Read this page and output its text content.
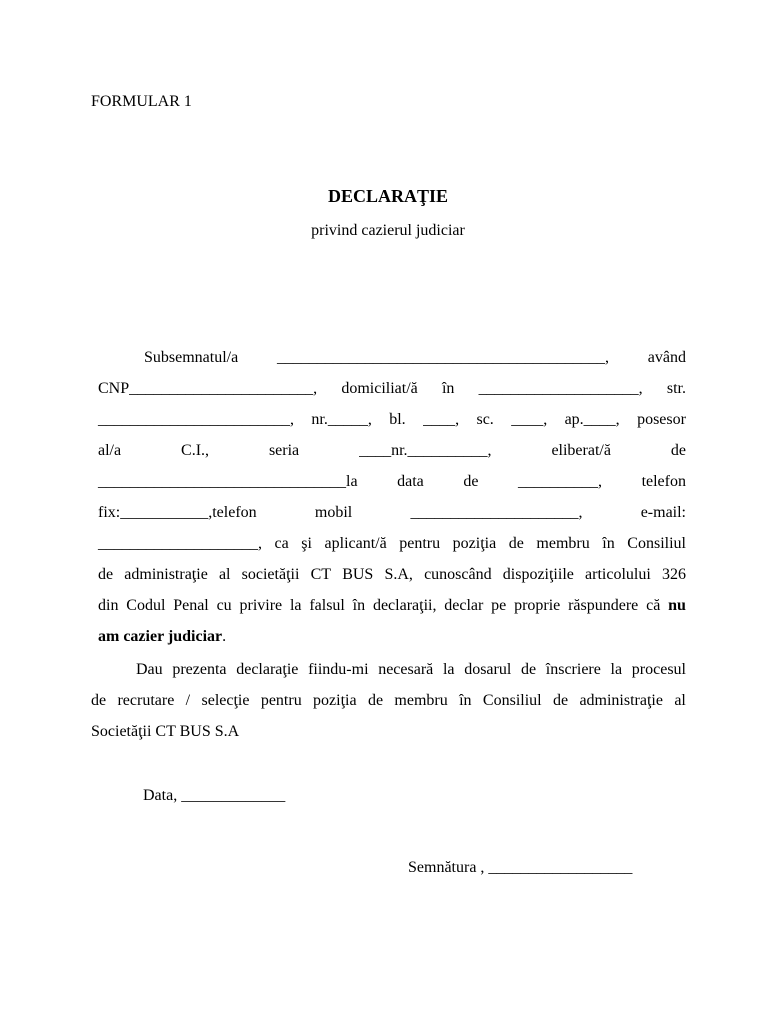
FORMULAR 1
DECLARAŢIE
privind cazierul judiciar
Subsemnatul/a _________________________________________, având
CNP_______________________, domiciliat/ă în ____________________, str.
________________________, nr._____, bl. ____, sc. ____, ap.____, posesor
al/a	C.I.,	seria	____nr.__________,	eliberat/ă	de
_______________________________la data de __________, telefon
fix:___________,telefon	mobil	_____________________,	e-mail:
____________________, ca şi aplicant/ă pentru poziţia de membru în Consiliul
de administraţie al societăţii CT BUS S.A, cunoscând dispoziţiile articolului 326
din Codul Penal cu privire la falsul în declaraţii, declar pe proprie răspundere că nu
am cazier judiciar .
Dau prezenta declaraţie fiindu-mi necesară la dosarul de înscriere la procesul
de recrutare / selecţie pentru poziţia de membru în Consiliul de administraţie al
Societăţii CT BUS S.A
Data, _____________
Semnătura , __________________
